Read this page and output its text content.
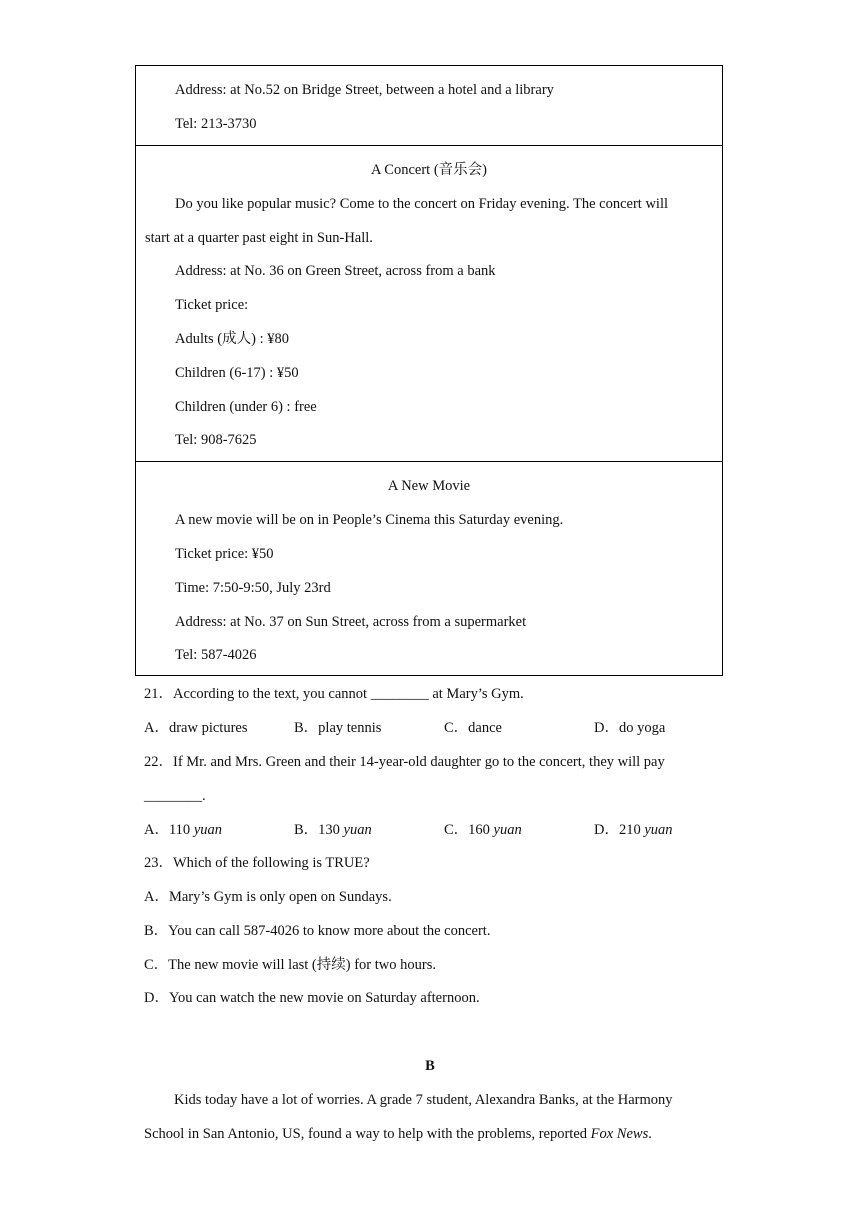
Address: at No.52 on Bridge Street, between a hotel and a library
Tel: 213-3730
A Concert (音乐会)
Do you like popular music? Come to the concert on Friday evening. The concert will
start at a quarter past eight in Sun-Hall.
Address: at No. 36 on Green Street, across from a bank
Ticket price:
Adults (成人) : ¥80
Children (6-17) : ¥50
Children (under 6) : free
Tel: 908-7625
A New Movie
A new movie will be on in People’s Cinema this Saturday evening.
Ticket price: ¥50
Time: 7:50-9:50, July 23rd
Address: at No. 37 on Sun Street, across from a supermarket
Tel: 587-4026
21．According to the text, you cannot ________ at Mary’s Gym.
A．draw pictures	B．play tennis	C．dance	D．do yoga
22．If Mr. and Mrs. Green and their 14-year-old daughter go to the concert, they will pay
________.
A．110 yuan	B．130 yuan	C．160 yuan	D．210 yuan
23．Which of the following is TRUE?
A．Mary’s Gym is only open on Sundays.
B．You can call 587-4026 to know more about the concert.
C．The new movie will last (持续) for two hours.
D．You can watch the new movie on Saturday afternoon.
B
Kids today have a lot of worries. A grade 7 student, Alexandra Banks, at the Harmony
School in San Antonio, US, found a way to help with the problems, reported Fox News.
